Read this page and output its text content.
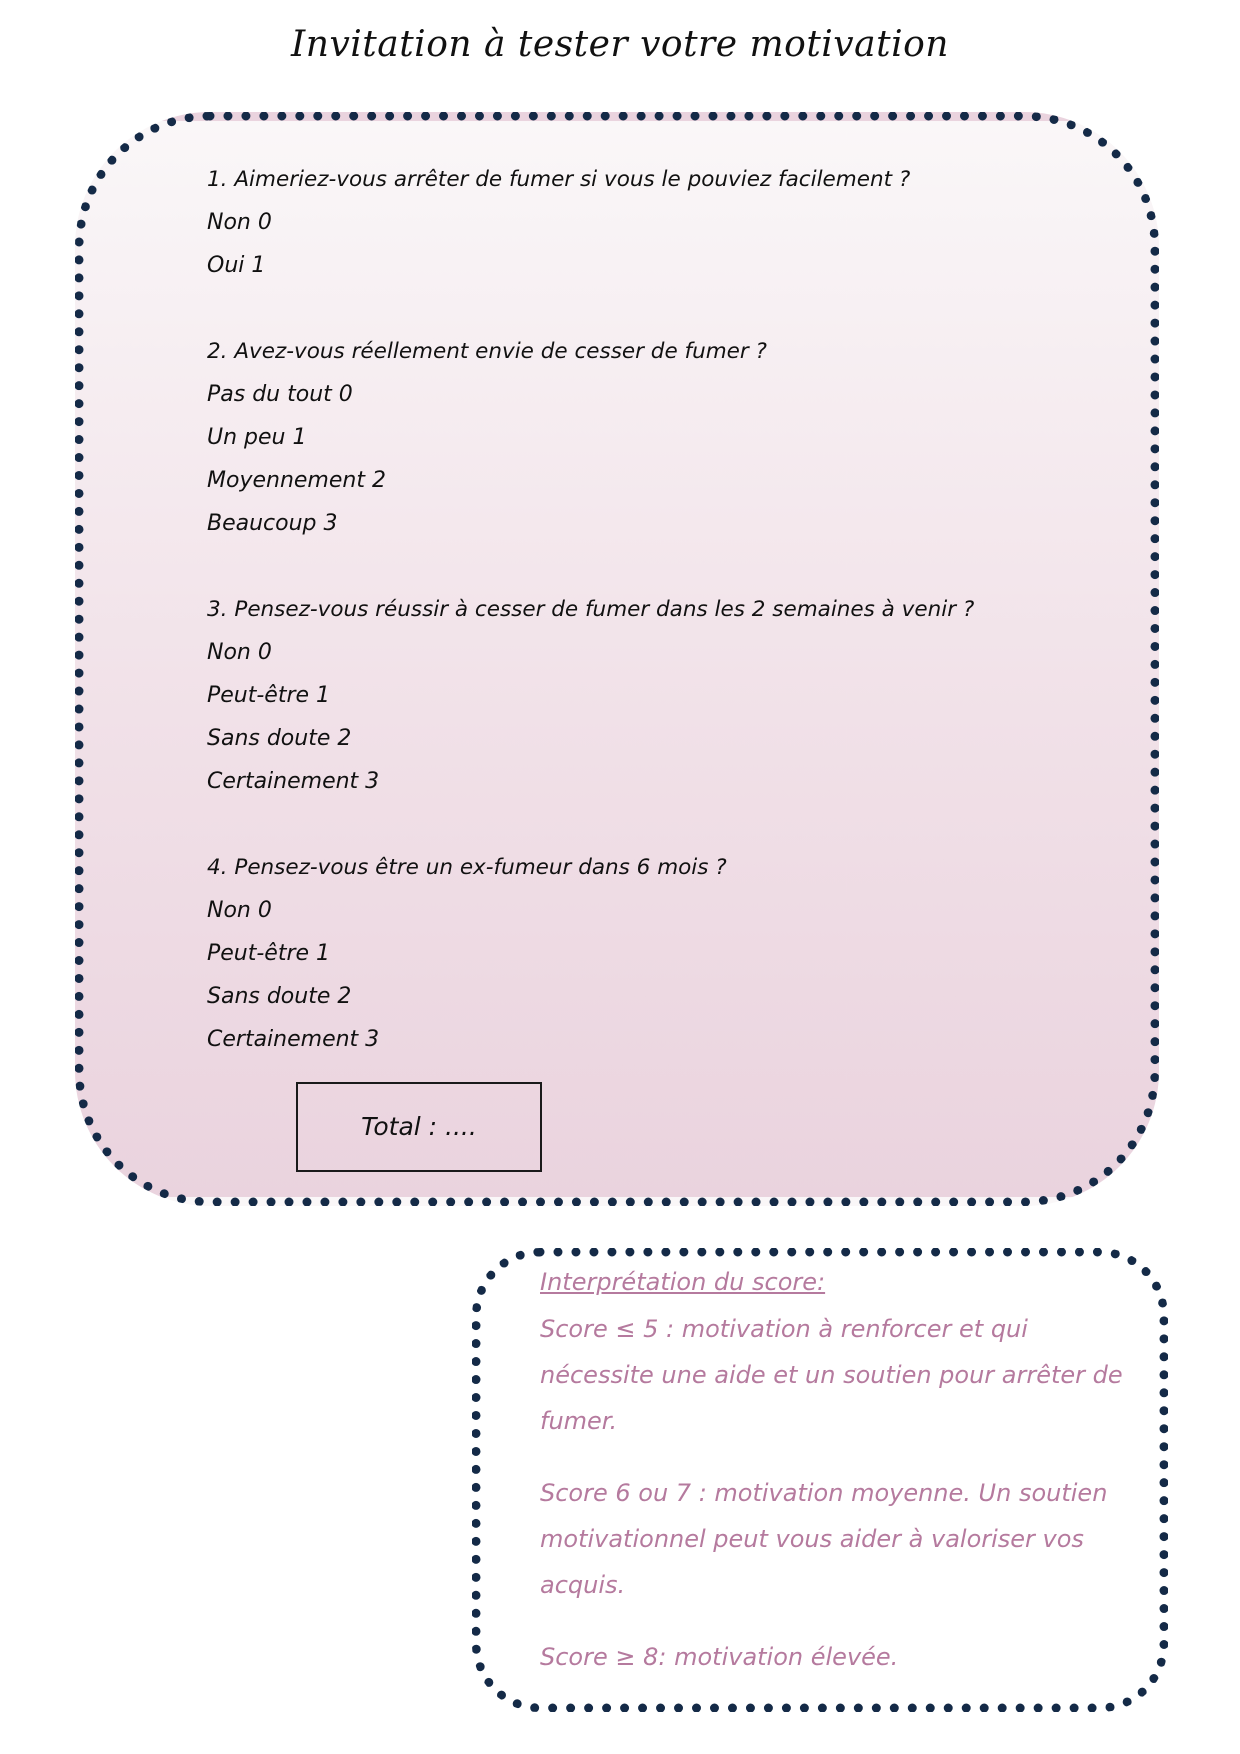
Invitation à tester votre motivation
1. Aimeriez-vous arrêter de fumer si vous le pouviez facilement ?
Non 0
Oui 1
2. Avez-vous réellement envie de cesser de fumer ?
Pas du tout 0
Un peu 1
Moyennement 2
Beaucoup 3
3. Pensez-vous réussir à cesser de fumer dans les 2 semaines à venir ?
Non 0
Peut-être 1
Sans doute 2
Certainement 3
4. Pensez-vous être un ex-fumeur dans 6 mois ?
Non 0
Peut-être 1
Sans doute 2
Certainement 3
Total : ....
Interprétation du score:
Score ≤ 5 : motivation à renforcer et qui nécessite une aide et un soutien pour arrêter de fumer.
Score 6 ou 7 : motivation moyenne. Un soutien motivationnel peut vous aider à valoriser vos acquis.
Score ≥ 8: motivation élevée.
